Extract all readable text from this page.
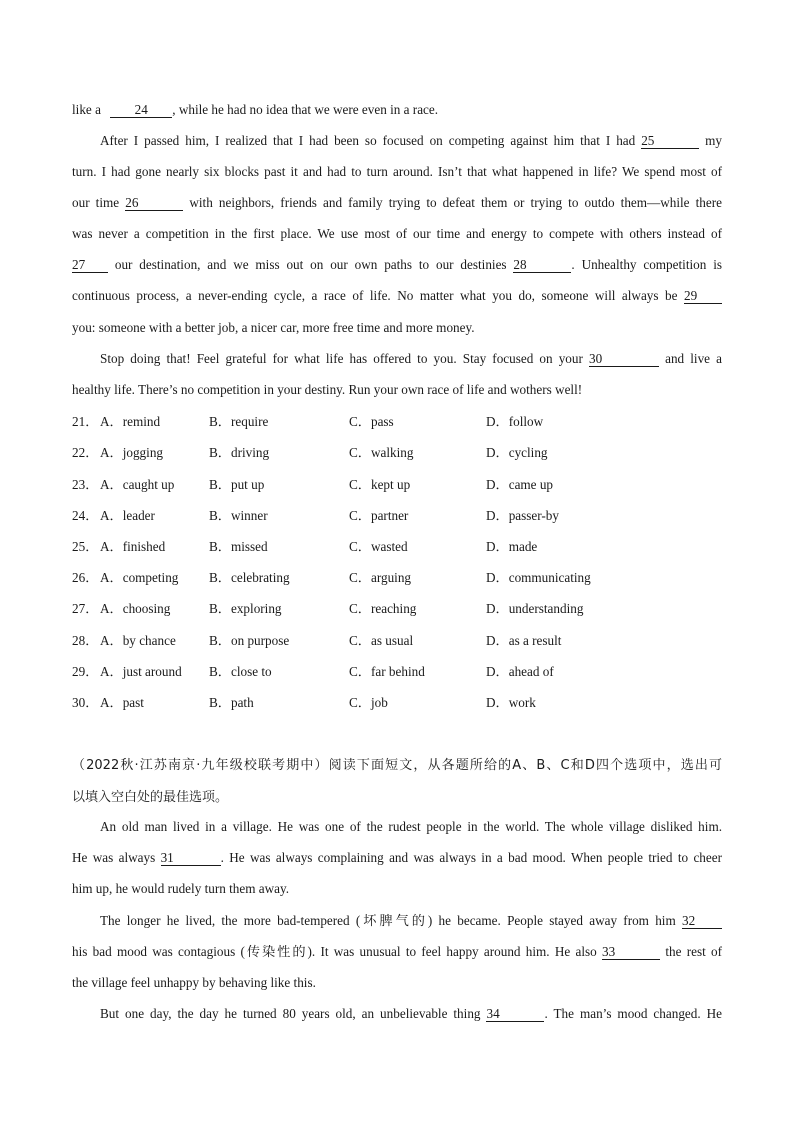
like a	24 , while he had no idea that we were even in a race.
After I passed him, I realized that I had been so focused on competing against him that I had 25	my
turn. I had gone nearly six blocks past it and had to turn around. Isn’t that what happened in life? We spend most of
our time 26	with neighbors, friends and family trying to defeat them or trying to outdo them—while there
was never a competition in the first place. We use most of our time and energy to compete with others instead of
27 our destination, and we miss out on our own paths to our destinies 28	. Unhealthy competition is
continuous process, a never-ending cycle, a race of life. No matter what you do, someone will always be 29
you: someone with a better job, a nicer car, more free time and more money.
Stop doing that! Feel grateful for what life has offered to you. Stay focused on your 30	and live a
healthy life. There’s no competition in your destiny. Run your own race of life and wothers well!
21． A．remind	B．require	C．pass	D．follow
22． A．jogging	B．driving	C．walking	D．cycling
23． A．caught up	B．put up	C．kept up	D．came up
24． A．leader	B．winner	C．partner	D．passer-by
25． A．finished	B．missed	C．wasted	D．made
26． A．competing B．celebrating	C．arguing	D．communicating
27． A．choosing	B．exploring	C．reaching	D．understanding
28． A．by chance	B．on purpose	C．as usual	D．as a result
29． A．just around B．close to	C．far behind	D．ahead of
30． A．past	B．path	C．job	D．work
（2022秋·江苏南京·九年级校联考期中）阅读下面短文，从各题所给的A、B、C和D四个选项中，选出可
以填入空白处的最佳选项。
An old man lived in a village. He was one of the rudest people in the world. The whole village disliked him.
He was always 31	. He was always complaining and was always in a bad mood. When people tried to cheer
him up, he would rudely turn them away.
The longer he lived, the more bad-tempered (坏脾气的) he became. People stayed away from him 32
his bad mood was contagious (传染性的). It was unusual to feel happy around him. He also 33	the rest of
the village feel unhappy by behaving like this.
But one day, the day he turned 80 years old, an unbelievable thing 34	. The man’s mood changed. He
